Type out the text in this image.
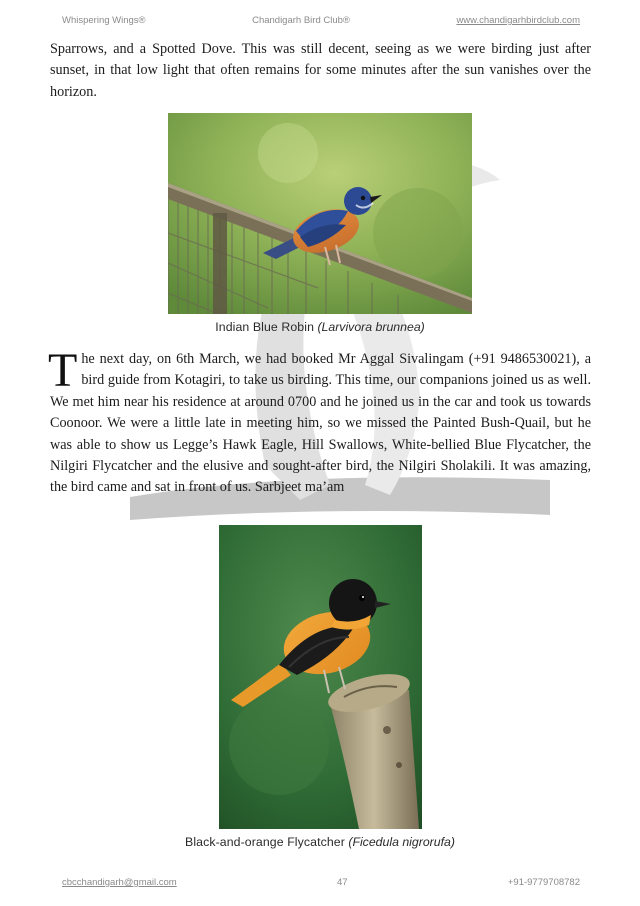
Whispering Wings®	Chandigarh Bird Club®	www.chandigarhbirdclub.com
Sparrows, and a Spotted Dove. This was still decent, seeing as we were birding just after sunset, in that low light that often remains for some minutes after the sun vanishes over the horizon.
Indian Blue Robin (Larvivora brunnea)
The next day, on 6th March, we had booked Mr Aggal Sivalingam (+91 9486530021), a bird guide from Kotagiri, to take us birding. This time, our companions joined us as well. We met him near his residence at around 0700 and he joined us in the car and took us towards Coonoor. We were a little late in meeting him, so we missed the Painted Bush-Quail, but he was able to show us Legge’s Hawk Eagle, Hill Swallows, White-bellied Blue Flycatcher, the Nilgiri Flycatcher and the elusive and sought-after bird, the Nilgiri Sholakili. It was amazing, the bird came and sat in front of us. Sarbjeet ma’am
Black-and-orange Flycatcher (Ficedula nigrorufa)
cbcchandigarh@gmail.com	47	+91-9779708782
